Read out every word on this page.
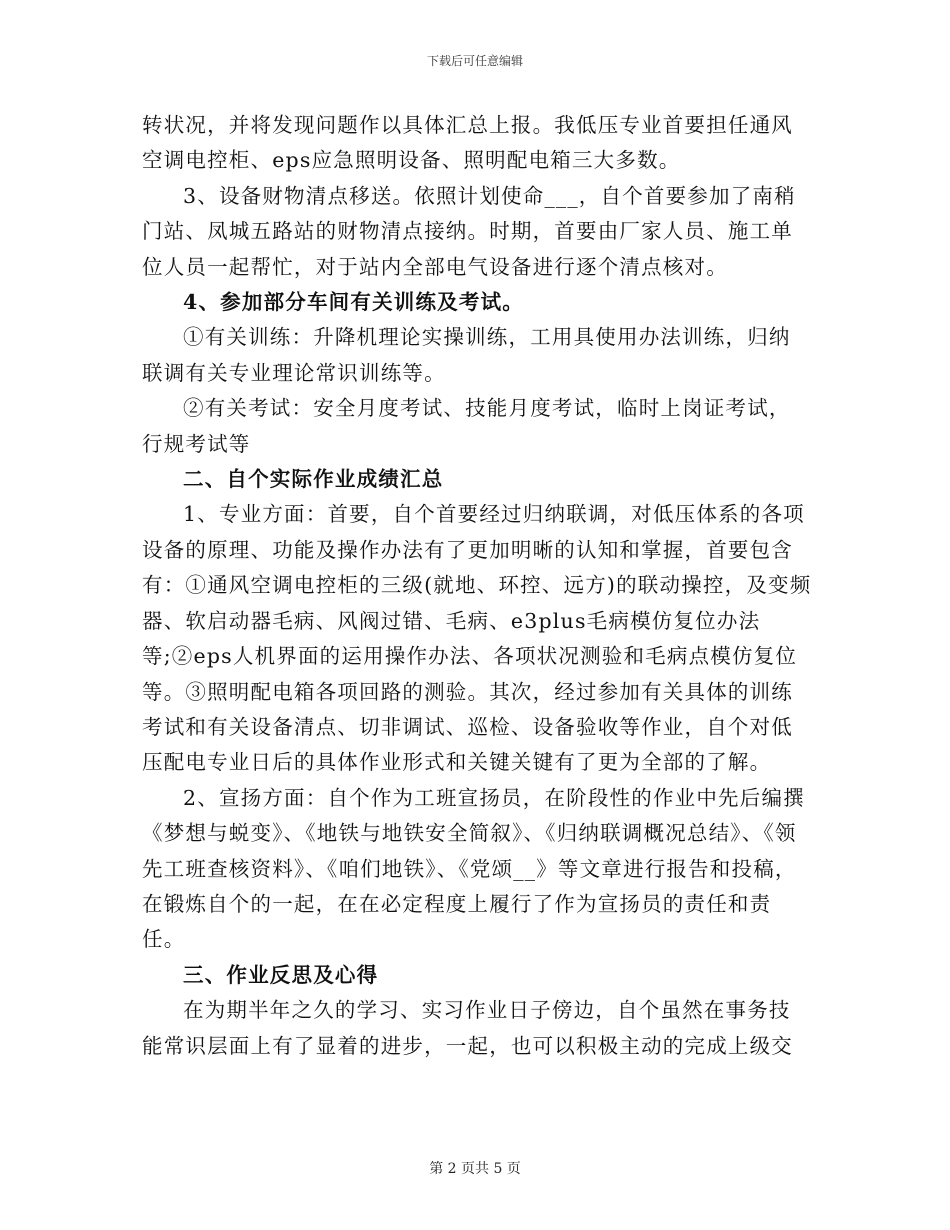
下载后可任意编辑

转状况，并将发现问题作以具体汇总上报。我低压专业首要担任通风空调电控柜、eps应急照明设备、照明配电箱三大多数。

3、设备财物清点移送。依照计划使命___，自个首要参加了南稍门站、凤城五路站的财物清点接纳。时期，首要由厂家人员、施工单位人员一起帮忙，对于站内全部电气设备进行逐个清点核对。

4、参加部分车间有关训练及考试。

①有关训练：升降机理论实操训练，工用具使用办法训练，归纳联调有关专业理论常识训练等。

②有关考试：安全月度考试、技能月度考试，临时上岗证考试，行规考试等

二、自个实际作业成绩汇总

1、专业方面：首要，自个首要经过归纳联调，对低压体系的各项设备的原理、功能及操作办法有了更加明晰的认知和掌握，首要包含有：①通风空调电控柜的三级(就地、环控、远方)的联动操控，及变频器、软启动器毛病、风阀过错、毛病、e3plus毛病模仿复位办法等;②eps人机界面的运用操作办法、各项状况测验和毛病点模仿复位等。③照明配电箱各项回路的测验。其次，经过参加有关具体的训练考试和有关设备清点、切非调试、巡检、设备验收等作业，自个对低压配电专业日后的具体作业形式和关键关键有了更为全部的了解。

2、宣扬方面：自个作为工班宣扬员，在阶段性的作业中先后编撰《梦想与蜕变》、《地铁与地铁安全简叙》、《归纳联调概况总结》、《领先工班查核资料》、《咱们地铁》、《党颂__》等文章进行报告和投稿，在锻炼自个的一起，在在必定程度上履行了作为宣扬员的责任和责任。

三、作业反思及心得

在为期半年之久的学习、实习作业日子傍边，自个虽然在事务技能常识层面上有了显着的进步，一起，也可以积极主动的完成上级交

第 2 页共 5 页
